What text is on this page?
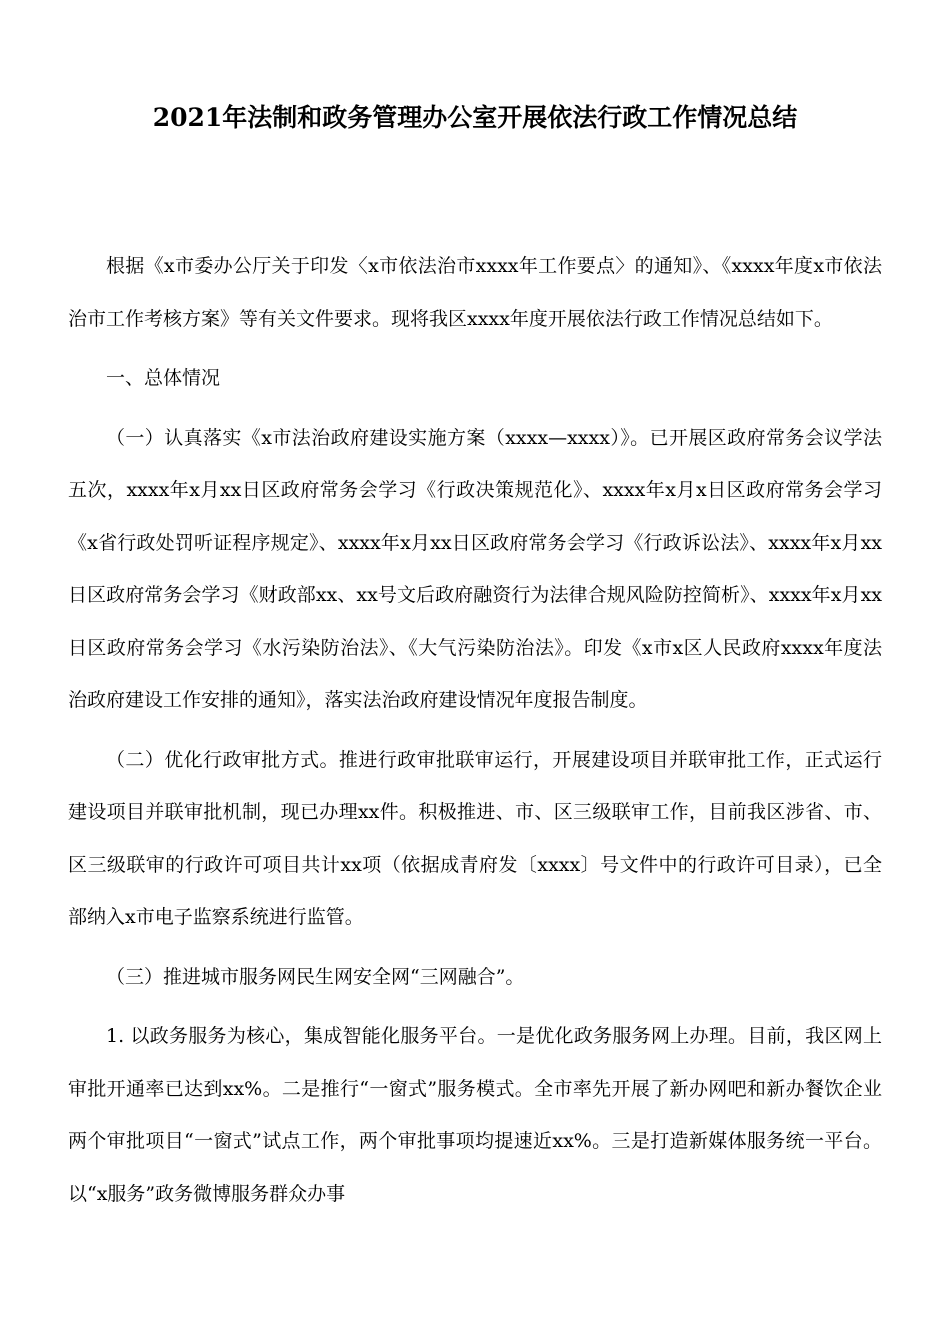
2021年法制和政务管理办公室开展依法行政工作情况总结

根据《x市委办公厅关于印发〈x市依法治市xxxx年工作要点〉的通知》、《xxxx年度x市依法治市工作考核方案》等有关文件要求。现将我区xxxx年度开展依法行政工作情况总结如下。

一、总体情况

（一）认真落实《x市法治政府建设实施方案（xxxx—xxxx）》。已开展区政府常务会议学法五次，xxxx年x月xx日区政府常务会学习《行政决策规范化》、xxxx年x月x日区政府常务会学习《x省行政处罚听证程序规定》、xxxx年x月xx日区政府常务会学习《行政诉讼法》、xxxx年x月xx日区政府常务会学习《财政部xx、xx号文后政府融资行为法律合规风险防控简析》、xxxx年x月xx日区政府常务会学习《水污染防治法》、《大气污染防治法》。印发《x市x区人民政府xxxx年度法治政府建设工作安排的通知》，落实法治政府建设情况年度报告制度。

（二）优化行政审批方式。推进行政审批联审运行，开展建设项目并联审批工作，正式运行建设项目并联审批机制，现已办理xx件。积极推进、市、区三级联审工作，目前我区涉省、市、区三级联审的行政许可项目共计xx项（依据成青府发〔xxxx〕号文件中的行政许可目录），已全部纳入x市电子监察系统进行监管。

（三）推进城市服务网民生网安全网“三网融合”。

1. 以政务服务为核心，集成智能化服务平台。一是优化政务服务网上办理。目前，我区网上审批开通率已达到xx%。二是推行“一窗式”服务模式。全市率先开展了新办网吧和新办餐饮企业两个审批项目“一窗式”试点工作，两个审批事项均提速近xx%。三是打造新媒体服务统一平台。以“x服务”政务微博服务群众办事
